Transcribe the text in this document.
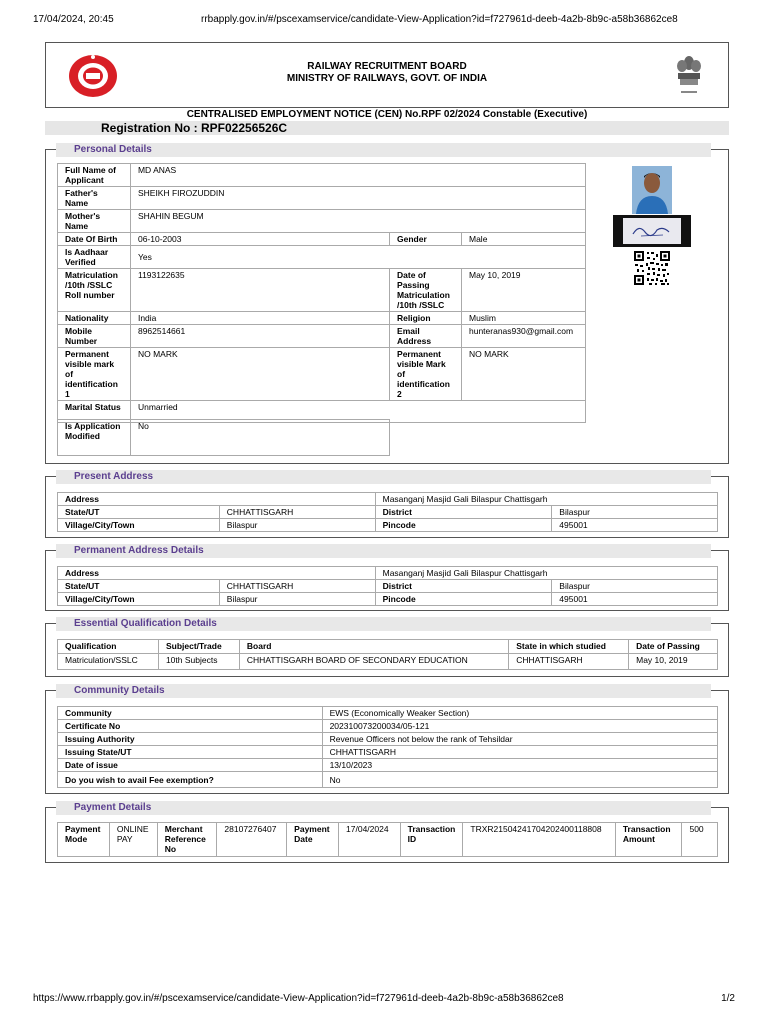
17/04/2024, 20:45	rrbapply.gov.in/#/pscexamservice/candidate-View-Application?id=f727961d-deeb-4a2b-8b9c-a58b36862ce8
RAILWAY RECRUITMENT BOARD
MINISTRY OF RAILWAYS, GOVT. OF INDIA
CENTRALISED EMPLOYMENT NOTICE (CEN) No.RPF 02/2024 Constable (Executive)
Registration No : RPF02256526C
Personal Details
Full Name of Applicant	MD ANAS		
Father's Name	SHEIKH FIROZUDDIN		
Mother's Name	SHAHIN BEGUM		
Date Of Birth	06-10-2003	Gender	Male
Is Aadhaar Verified	Yes		
Matriculation /10th /SSLC Roll number	1193122635	Date of Passing Matriculation /10th /SSLC	May 10, 2019
Nationality	India	Religion	Muslim
Mobile Number	8962514661	Email Address	hunteranas930@gmail.com
Permanent visible mark of identification 1	NO MARK	Permanent visible Mark of identification 2	NO MARK
Marital Status	Unmarried		
Is Application Modified	No
Present Address
Address		Masanganj Masjid Gali Bilaspur Chattisgarh	
State/UT	CHHATTISGARH	District	Bilaspur
Village/City/Town	Bilaspur	Pincode	495001
Permanent Address Details
Address		Masanganj Masjid Gali Bilaspur Chattisgarh	
State/UT	CHHATTISGARH	District	Bilaspur
Village/City/Town	Bilaspur	Pincode	495001
Essential Qualification Details
Qualification	Subject/Trade	Board	State in which studied	Date of Passing
Matriculation/SSLC	10th Subjects	CHHATTISGARH BOARD OF SECONDARY EDUCATION	CHHATTISGARH	May 10, 2019
Community Details
Community	EWS (Economically Weaker Section)
Certificate No	202310073200034/05-121
Issuing Authority	Revenue Officers not below the rank of Tehsildar
Issuing State/UT	CHHATTISGARH
Date of issue	13/10/2023
Do you wish to avail Fee exemption?	No
Payment Details
Payment Mode	ONLINE PAY	Merchant Reference No	28107276407	Payment Date	17/04/2024	Transaction ID	TRXR21504241704202400118808	Transaction Amount	500
https://www.rrbapply.gov.in/#/pscexamservice/candidate-View-Application?id=f727961d-deeb-4a2b-8b9c-a58b36862ce8	1/2
